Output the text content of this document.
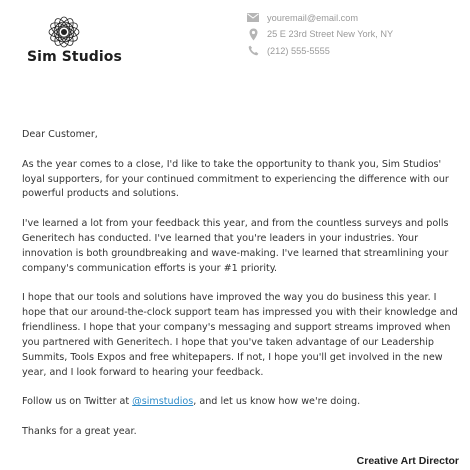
Sim Studios
youremail@email.com
25 E 23rd Street New York, NY
(212) 555-5555

Dear Customer,

As the year comes to a close, I'd like to take the opportunity to thank you, Sim Studios' loyal supporters, for your continued commitment to experiencing the difference with our powerful products and solutions.

I've learned a lot from your feedback this year, and from the countless surveys and polls Generitech has conducted. I've learned that you're leaders in your industries. Your innovation is both groundbreaking and wave-making. I've learned that streamlining your company's communication efforts is your #1 priority.

I hope that our tools and solutions have improved the way you do business this year. I hope that our around-the-clock support team has impressed you with their knowledge and friendliness. I hope that your company's messaging and support streams improved when you partnered with Generitech. I hope that you've taken advantage of our Leadership Summits, Tools Expos and free whitepapers. If not, I hope you'll get involved in the new year, and I look forward to hearing your feedback.

Follow us on Twitter at @simstudios, and let us know how we're doing.

Thanks for a great year.

Creative Art Director
